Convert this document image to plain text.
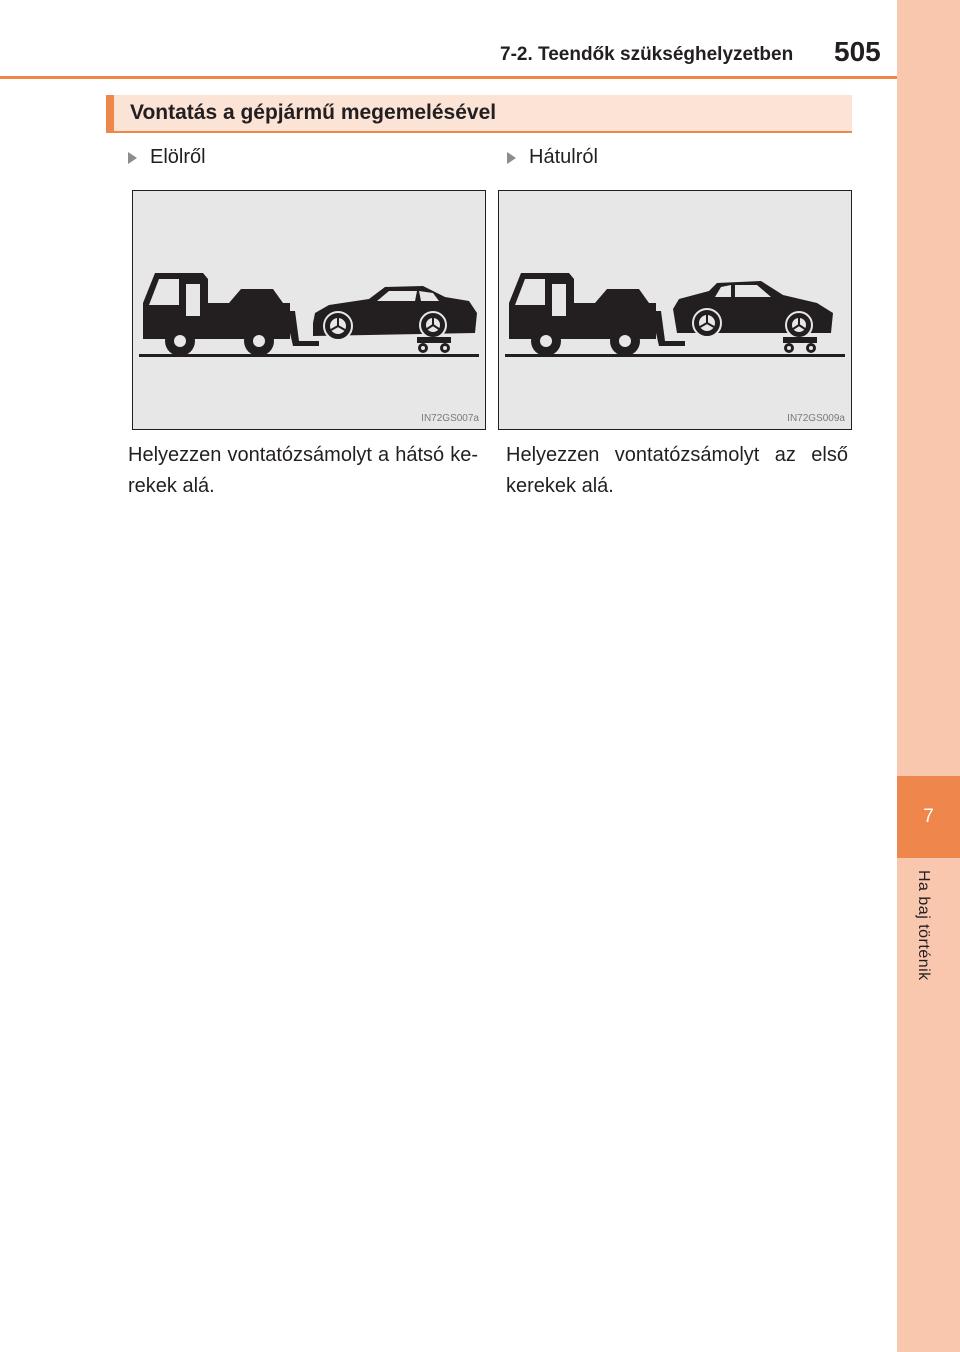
7
Ha baj történik
7-2. Teendők szükséghelyzetben 505
Vontatás a gépjármű megemelésével
Elölről
IN72GS007a
Helyezzen vontatózsámolyt a hátsó ke-rekek alá.
Hátulról
IN72GS009a
Helyezzen vontatózsámolyt az első kerekek alá.
